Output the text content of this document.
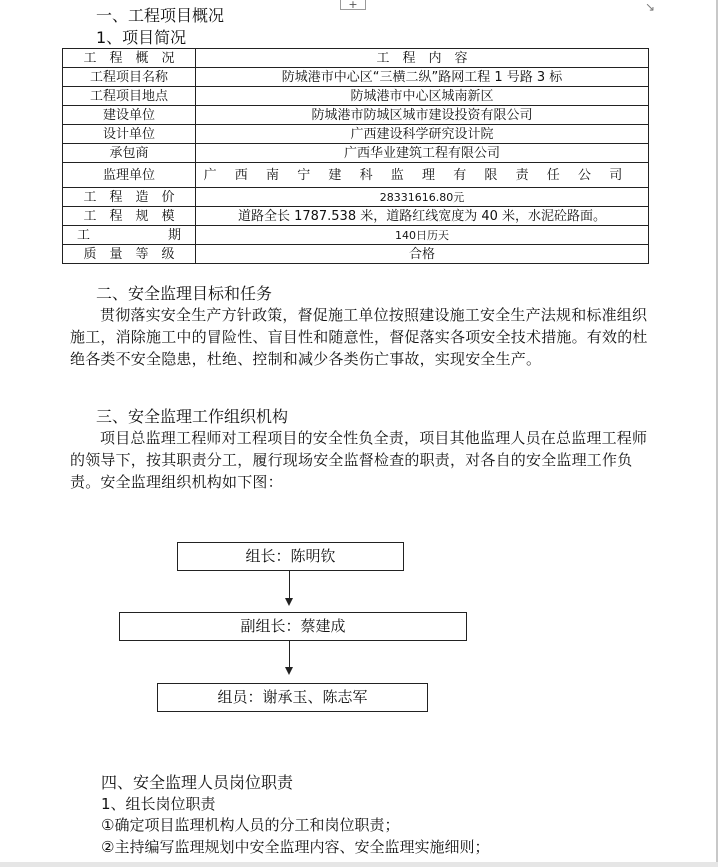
+	↘
一、工程项目概况
1、项目简况
工　程　概　况	工　程　内　容
工程项目名称	防城港市中心区“三横二纵”路网工程 1 号路 3 标
工程项目地点	防城港市中心区城南新区
建设单位	防城港市防城区城市建设投资有限公司
设计单位	广西建设科学研究设计院
承包商	广西华业建筑工程有限公司
监理单位	广西南宁建科监理有限责任公司
工　程　造　价	28331616.80元
工　程　规　模	道路全长 1787.538 米，道路红线宽度为 40 米，水泥砼路面。
工　　　　　　期	140日历天
质　量　等　级	合格
二、安全监理目标和任务

贯彻落实安全生产方针政策，督促施工单位按照建设施工安全生产法规和标准组织施工，消除施工中的冒险性、盲目性和随意性，督促落实各项安全技术措施。有效的杜绝各类不安全隐患，杜绝、控制和减少各类伤亡事故，实现安全生产。

三、安全监理工作组织机构

项目总监理工程师对工程项目的安全性负全责，项目其他监理人员在总监理工程师的领导下，按其职责分工，履行现场安全监督检查的职责，对各自的安全监理工作负责。安全监理组织机构如下图：

组长：陈明钦
副组长：蔡建成
组员：谢承玉、陈志军
四、安全监理人员岗位职责
1、组长岗位职责
①确定项目监理机构人员的分工和岗位职责；
②主持编写监理规划中安全监理内容、安全监理实施细则；
